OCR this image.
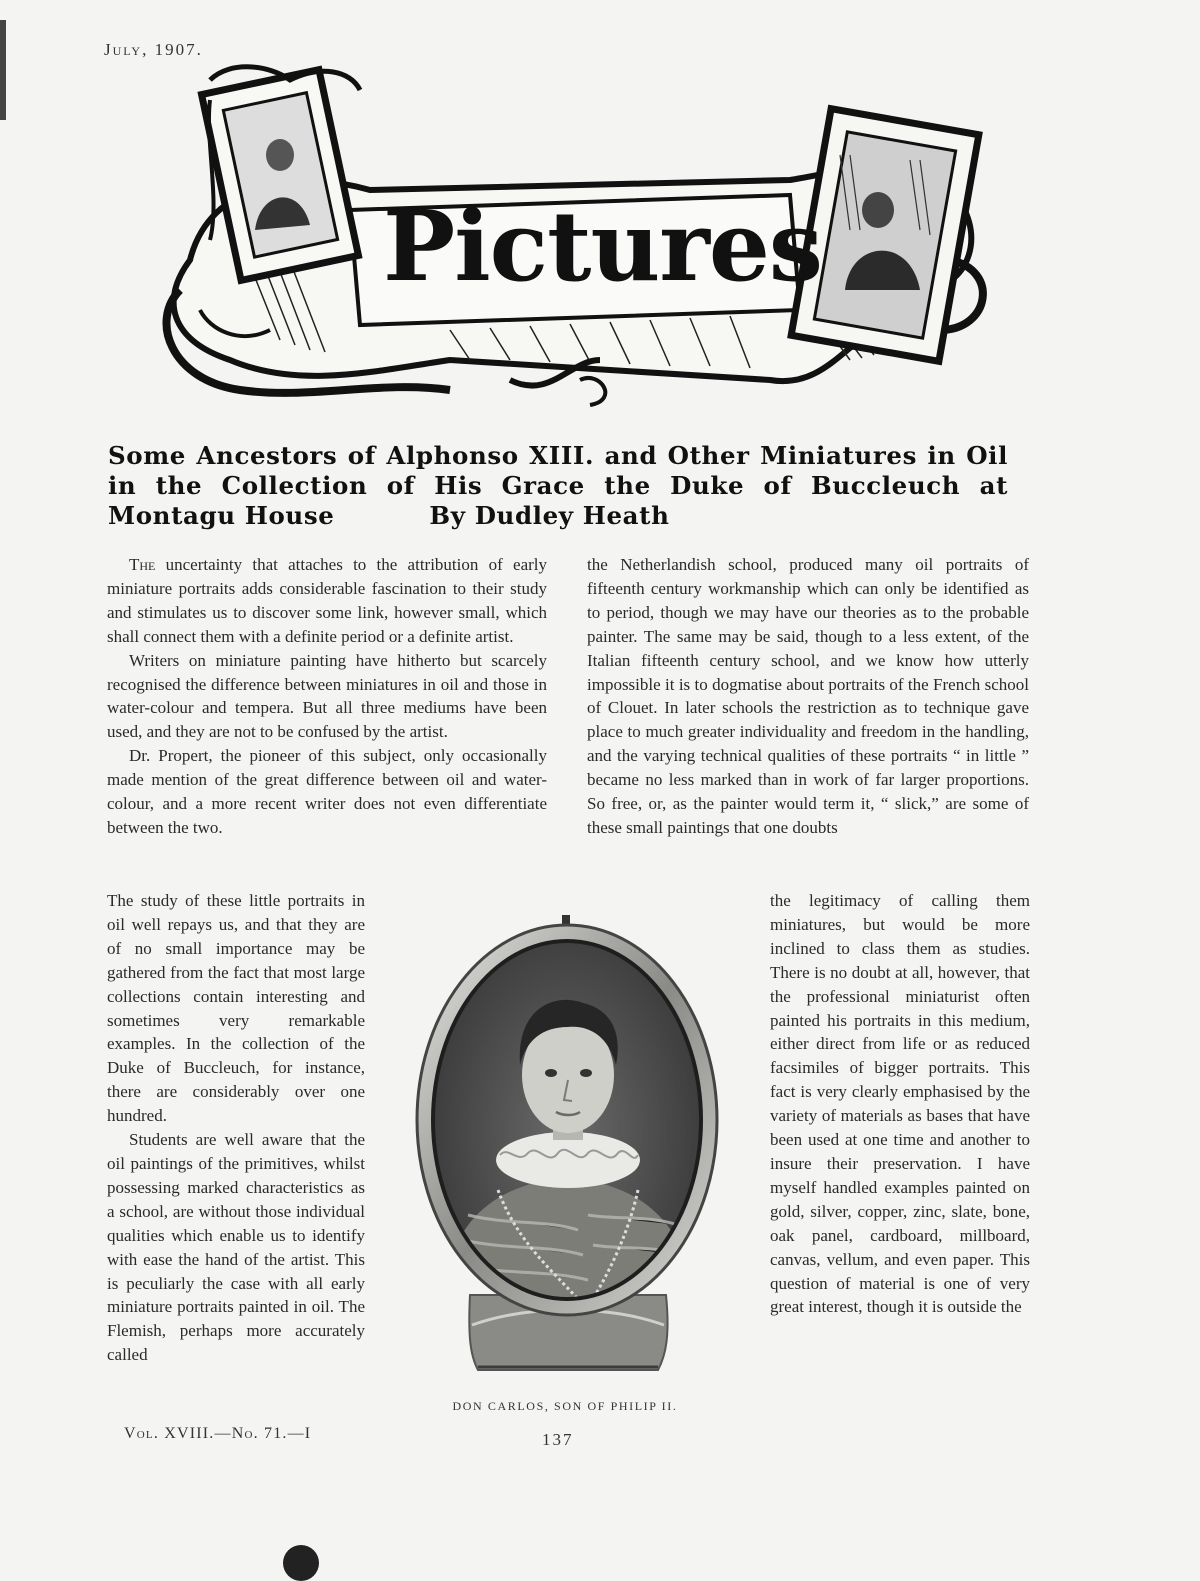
July, 1907.
Pictures
Some Ancestors of Alphonso XIII. and Other Miniatures in Oil in the Collection of His Grace the Duke of Buccleuch at Montagu House	By Dudley Heath

The uncertainty that attaches to the attribution of early miniature portraits adds considerable fascination to their study and stimulates us to discover some link, however small, which shall connect them with a definite period or a definite artist.

Writers on miniature painting have hitherto but scarcely recognised the difference between miniatures in oil and those in water-colour and tempera. But all three mediums have been used, and they are not to be confused by the artist.

Dr. Propert, the pioneer of this subject, only occasionally made mention of the great difference between oil and water-colour, and a more recent writer does not even differentiate between the two.

The study of these little portraits in oil well repays us, and that they are of no small importance may be gathered from the fact that most large collections contain interesting and sometimes very remarkable examples. In the collection of the Duke of Buccleuch, for instance, there are considerably over one hundred.

Students are well aware that the oil paintings of the primitives, whilst possessing marked characteristics as a school, are without those individual qualities which enable us to identify with ease the hand of the artist. This is peculiarly the case with all early miniature portraits painted in oil. The Flemish, perhaps more accurately called

the Netherlandish school, produced many oil portraits of fifteenth century workmanship which can only be identified as to period, though we may have our theories as to the probable painter. The same may be said, though to a less extent, of the Italian fifteenth century school, and we know how utterly impossible it is to dogmatise about portraits of the French school of Clouet. In later schools the restriction as to technique gave place to much greater individuality and freedom in the handling, and the varying technical qualities of these portraits “ in little ” became no less marked than in work of far larger proportions. So free, or, as the painter would term it, “ slick,” are some of these small paintings that one doubts

the legitimacy of calling them miniatures, but would be more inclined to class them as studies. There is no doubt at all, however, that the professional miniaturist often painted his portraits in this medium, either direct from life or as reduced facsimiles of bigger portraits. This fact is very clearly emphasised by the variety of materials as bases that have been used at one time and another to insure their preservation. I have myself handled examples painted on gold, silver, copper, zinc, slate, bone, oak panel, cardboard, millboard, canvas, vellum, and even paper. This question of material is one of very great interest, though it is outside the

DON CARLOS, SON OF PHILIP II.
Vol. XVIII.—No. 71.—I	137
